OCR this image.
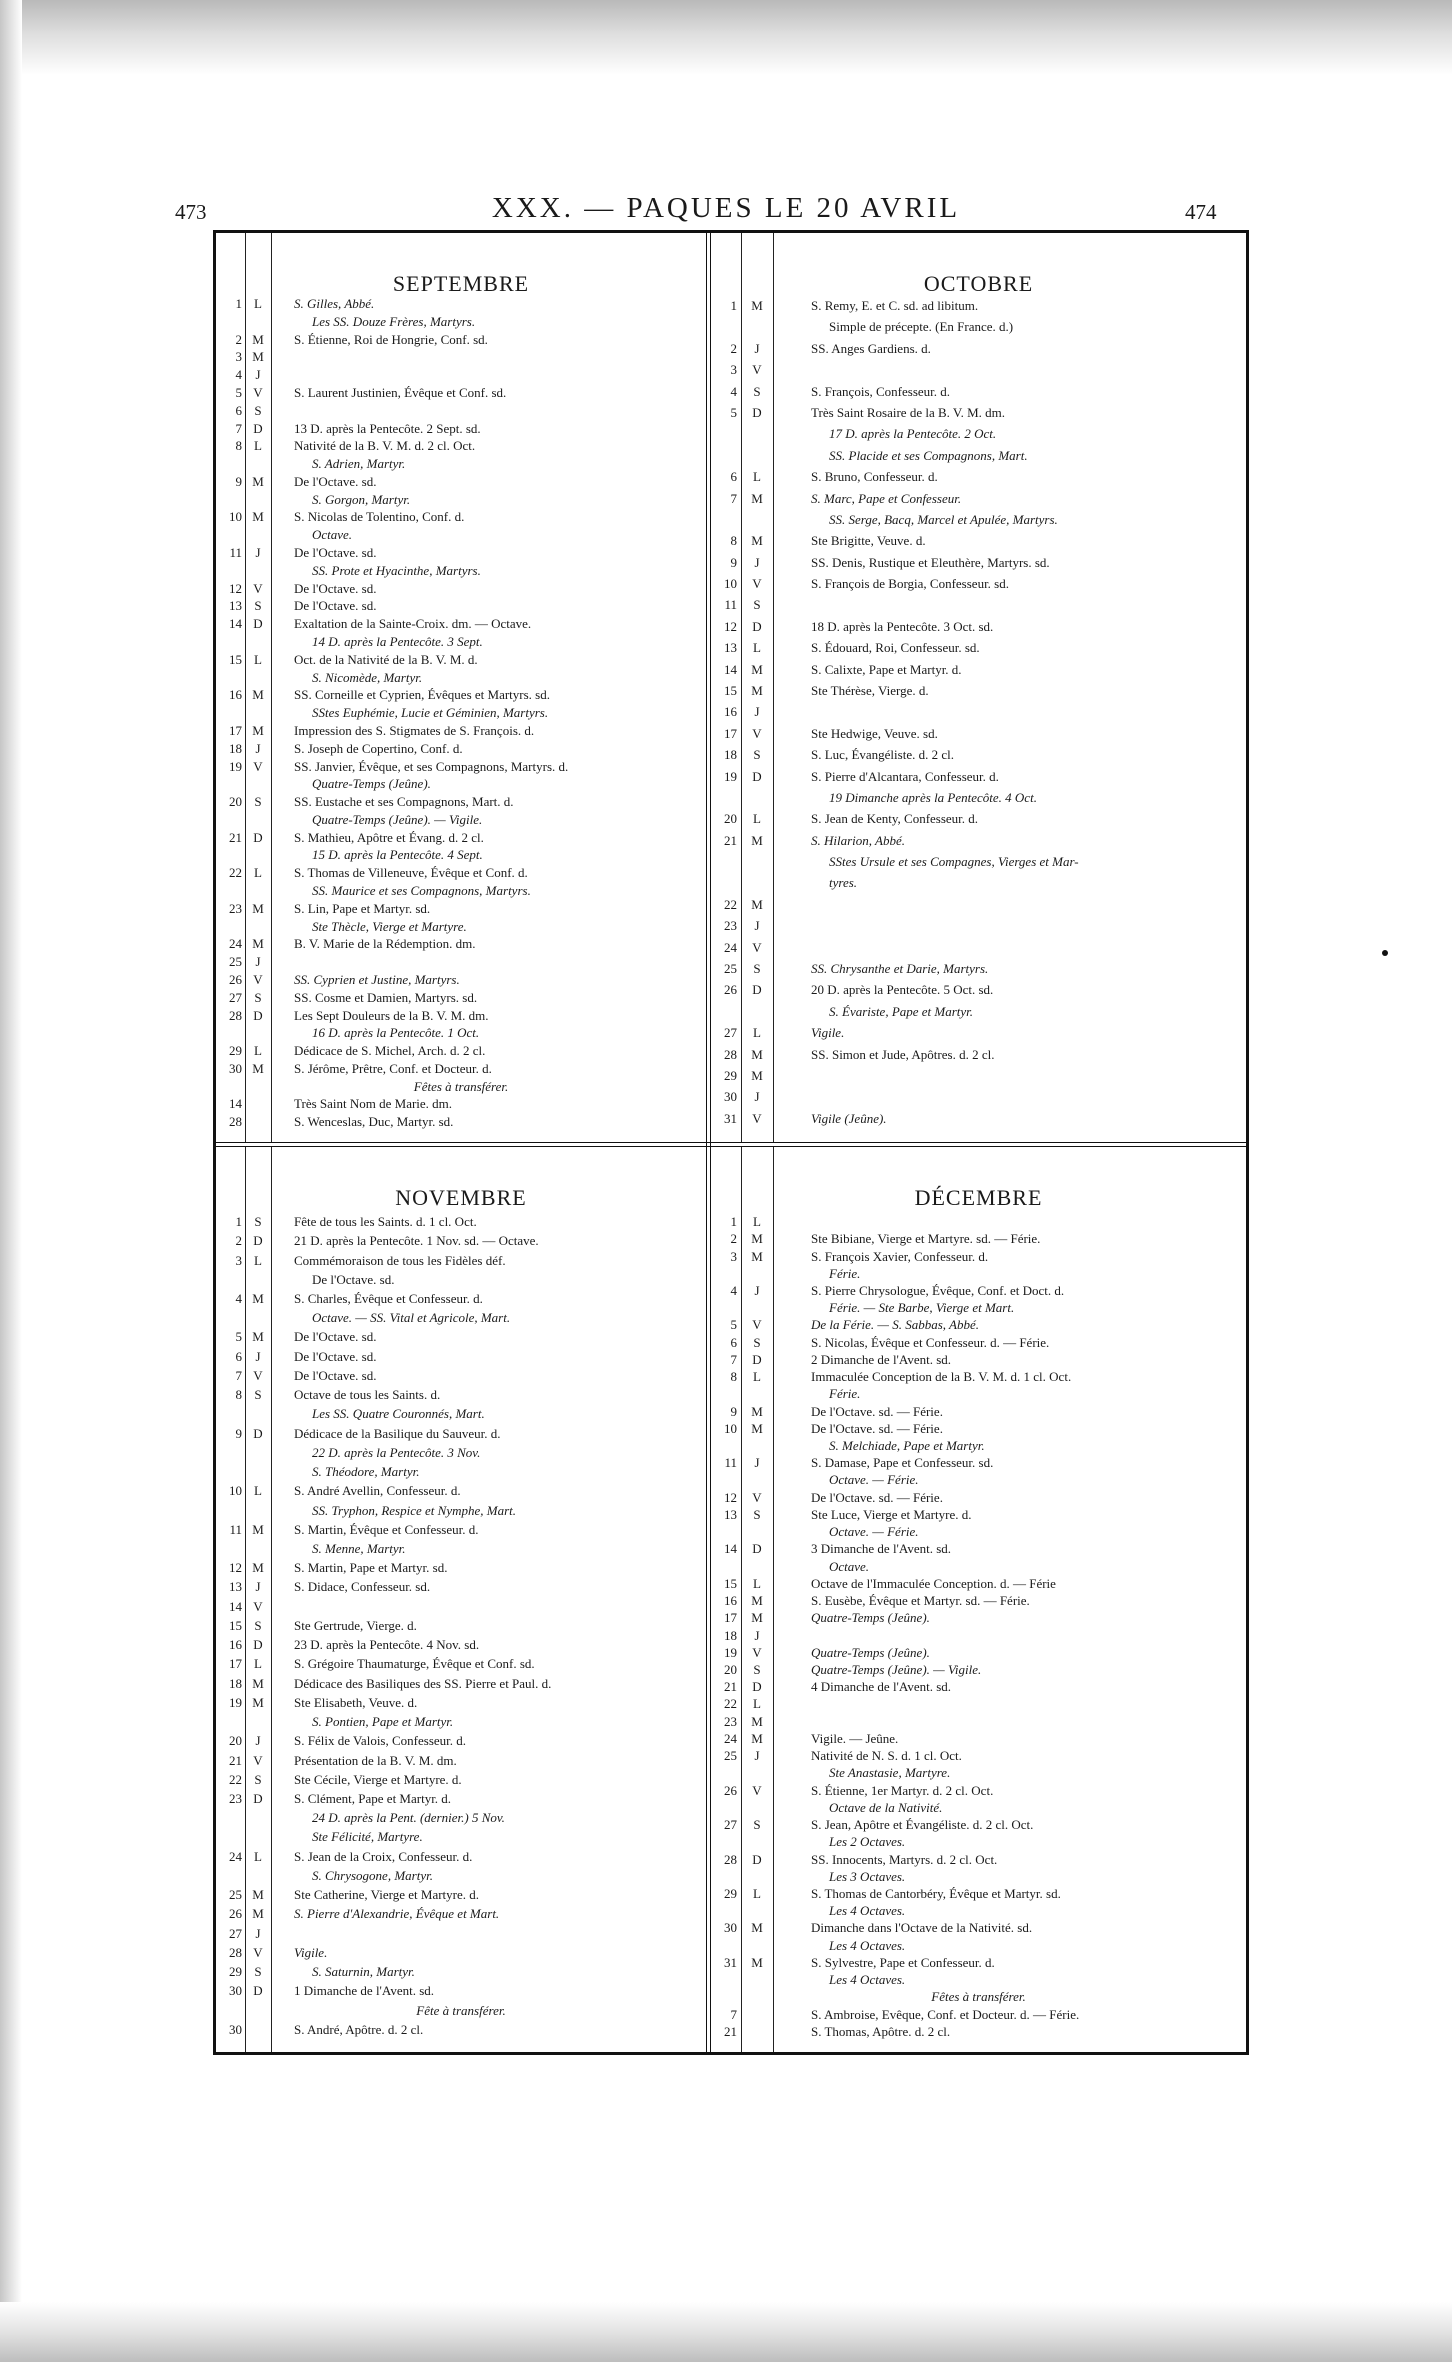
473	XXX. — PAQUES LE 20 AVRIL	474
SEPTEMBRE
1 L	S. Gilles, Abbé.
Les SS. Douze Frères, Martyrs.
2 M	S. Étienne, Roi de Hongrie, Conf. sd.
3 M
4	J
5 V	S. Laurent Justinien, Évêque et Conf. sd.
6 S
7 D	13 D. après la Pentecôte. 2 Sept. sd.
8 L	Nativité de la B. V. M. d. 2 cl. Oct.
S. Adrien, Martyr.
9 M	De l'Octave. sd.
S. Gorgon, Martyr.
10 M	S. Nicolas de Tolentino, Conf. d.
Octave.
11	J	De l'Octave. sd.
SS. Prote et Hyacinthe, Martyrs.
12 V	De l'Octave. sd.
13 S	De l'Octave. sd.
14 D	Exaltation de la Sainte-Croix. dm. — Octave.
14 D. après la Pentecôte. 3 Sept.
15 L	Oct. de la Nativité de la B. V. M. d.
S. Nicomède, Martyr.
16 M	SS. Corneille et Cyprien, Évêques et Martyrs. sd.
SStes Euphémie, Lucie et Géminien, Martyrs.
17 M	Impression des S. Stigmates de S. François. d.
18	J	S. Joseph de Copertino, Conf. d.
19 V	SS. Janvier, Évêque, et ses Compagnons, Martyrs. d.
Quatre-Temps (Jeûne).
20 S	SS. Eustache et ses Compagnons, Mart. d.
Quatre-Temps (Jeûne). — Vigile.
21 D	S. Mathieu, Apôtre et Évang. d. 2 cl.
15 D. après la Pentecôte. 4 Sept.
22 L	S. Thomas de Villeneuve, Évêque et Conf. d.
SS. Maurice et ses Compagnons, Martyrs.
23 M	S. Lin, Pape et Martyr. sd.
Ste Thècle, Vierge et Martyre.
24 M	B. V. Marie de la Rédemption. dm.
25	J
26 V	SS. Cyprien et Justine, Martyrs.
27 S	SS. Cosme et Damien, Martyrs. sd.
28 D	Les Sept Douleurs de la B. V. M. dm.
16 D. après la Pentecôte. 1 Oct.
29 L	Dédicace de S. Michel, Arch. d. 2 cl.
30 M	S. Jérôme, Prêtre, Conf. et Docteur. d.
Fêtes à transférer.
14	Très Saint Nom de Marie. dm.
28	S. Wenceslas, Duc, Martyr. sd.
OCTOBRE
1	M	S. Remy, E. et C. sd. ad libitum.
Simple de précepte. (En France. d.)
2	J	SS. Anges Gardiens. d.
3	V
4	S	S. François, Confesseur. d.
5	D	Très Saint Rosaire de la B. V. M. dm.
17 D. après la Pentecôte. 2 Oct.
SS. Placide et ses Compagnons, Mart.
6	L	S. Bruno, Confesseur. d.
7	M	S. Marc, Pape et Confesseur.
SS. Serge, Bacq, Marcel et Apulée, Martyrs.
8	M	Ste Brigitte, Veuve. d.
9	J	SS. Denis, Rustique et Eleuthère, Martyrs. sd.
10	V	S. François de Borgia, Confesseur. sd.
11	S
12	D	18 D. après la Pentecôte. 3 Oct. sd.
13	L	S. Édouard, Roi, Confesseur. sd.
14	M	S. Calixte, Pape et Martyr. d.
15	M	Ste Thérèse, Vierge. d.
16	J
17	V	Ste Hedwige, Veuve. sd.
18	S	S. Luc, Évangéliste. d. 2 cl.
19	D	S. Pierre d'Alcantara, Confesseur. d.
19 Dimanche après la Pentecôte. 4 Oct.
20	L	S. Jean de Kenty, Confesseur. d.
21	M	S. Hilarion, Abbé.
SStes Ursule et ses Compagnes, Vierges et Mar-
tyres.
22	M
23	J
24	V
25	S	SS. Chrysanthe et Darie, Martyrs.
26	D	20 D. après la Pentecôte. 5 Oct. sd.
S. Évariste, Pape et Martyr.
27	L	Vigile.
28	M	SS. Simon et Jude, Apôtres. d. 2 cl.
29	M
30	J
31	V	Vigile (Jeûne).
NOVEMBRE
1 S	Fête de tous les Saints. d. 1 cl. Oct.
2 D	21 D. après la Pentecôte. 1 Nov. sd. — Octave.
3 L	Commémoraison de tous les Fidèles déf.
De l'Octave. sd.
4 M	S. Charles, Évêque et Confesseur. d.
Octave. — SS. Vital et Agricole, Mart.
5 M	De l'Octave. sd.
6	J	De l'Octave. sd.
7 V	De l'Octave. sd.
8 S	Octave de tous les Saints. d.
Les SS. Quatre Couronnés, Mart.
9 D	Dédicace de la Basilique du Sauveur. d.
22 D. après la Pentecôte. 3 Nov.
S. Théodore, Martyr.
10 L	S. André Avellin, Confesseur. d.
SS. Tryphon, Respice et Nymphe, Mart.
11 M	S. Martin, Évêque et Confesseur. d.
S. Menne, Martyr.
12 M	S. Martin, Pape et Martyr. sd.
13	J	S. Didace, Confesseur. sd.
14 V
15 S	Ste Gertrude, Vierge. d.
16 D	23 D. après la Pentecôte. 4 Nov. sd.
17 L	S. Grégoire Thaumaturge, Évêque et Conf. sd.
18 M	Dédicace des Basiliques des SS. Pierre et Paul. d.
19 M	Ste Elisabeth, Veuve. d.
S. Pontien, Pape et Martyr.
20	J	S. Félix de Valois, Confesseur. d.
21 V	Présentation de la B. V. M. dm.
22 S	Ste Cécile, Vierge et Martyre. d.
23 D	S. Clément, Pape et Martyr. d.
24 D. après la Pent. (dernier.) 5 Nov.
Ste Félicité, Martyre.
24 L	S. Jean de la Croix, Confesseur. d.
S. Chrysogone, Martyr.
25 M	Ste Catherine, Vierge et Martyre. d.
26 M	S. Pierre d'Alexandrie, Évêque et Mart.
27	J
28 V	Vigile.
29 S	S. Saturnin, Martyr.
30 D	1 Dimanche de l'Avent. sd.
Fête à transférer.
30	S. André, Apôtre. d. 2 cl.
DÉCEMBRE
1	L
2	M	Ste Bibiane, Vierge et Martyre. sd. — Férie.
3	M	S. François Xavier, Confesseur. d.
Férie.
4	J	S. Pierre Chrysologue, Évêque, Conf. et Doct. d.
Férie. — Ste Barbe, Vierge et Mart.
5	V	De la Férie. — S. Sabbas, Abbé.
6	S	S. Nicolas, Évêque et Confesseur. d. — Férie.
7	D	2 Dimanche de l'Avent. sd.
8	L	Immaculée Conception de la B. V. M. d. 1 cl. Oct.
Férie.
9	M	De l'Octave. sd. — Férie.
10	M	De l'Octave. sd. — Férie.
S. Melchiade, Pape et Martyr.
11	J	S. Damase, Pape et Confesseur. sd.
Octave. — Férie.
12	V	De l'Octave. sd. — Férie.
13	S	Ste Luce, Vierge et Martyre. d.
Octave. — Férie.
14	D	3 Dimanche de l'Avent. sd.
Octave.
15	L	Octave de l'Immaculée Conception. d. — Férie
16	M	S. Eusèbe, Évêque et Martyr. sd. — Férie.
17	M	Quatre-Temps (Jeûne).
18	J
19	V	Quatre-Temps (Jeûne).
20	S	Quatre-Temps (Jeûne). — Vigile.
21	D	4 Dimanche de l'Avent. sd.
22	L
23	M
24	M	Vigile. — Jeûne.
25	J	Nativité de N. S. d. 1 cl. Oct.
Ste Anastasie, Martyre.
26	V	S. Étienne, 1er Martyr. d. 2 cl. Oct.
Octave de la Nativité.
27	S	S. Jean, Apôtre et Évangéliste. d. 2 cl. Oct.
Les 2 Octaves.
28	D	SS. Innocents, Martyrs. d. 2 cl. Oct.
Les 3 Octaves.
29	L	S. Thomas de Cantorbéry, Évêque et Martyr. sd.
Les 4 Octaves.
30	M	Dimanche dans l'Octave de la Nativité. sd.
Les 4 Octaves.
31	M	S. Sylvestre, Pape et Confesseur. d.
Les 4 Octaves.
Fêtes à transférer.
7	S. Ambroise, Evêque, Conf. et Docteur. d. — Férie.
21	S. Thomas, Apôtre. d. 2 cl.
